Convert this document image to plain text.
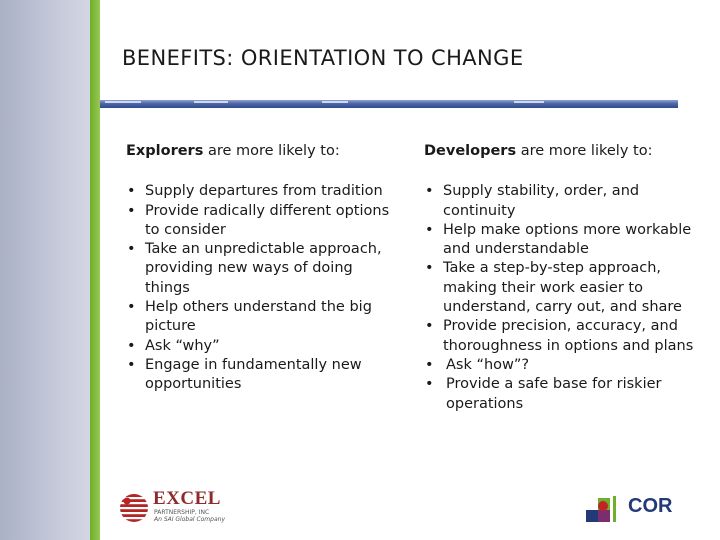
BENEFITS: ORIENTATION TO CHANGE
Explorers are more likely to:
• Supply departures from tradition
• Provide radically different options to consider
• Take an unpredictable approach, providing new ways of doing things
• Help others understand the big picture
• Ask “why”
• Engage in fundamentally new opportunities
Developers are more likely to:
• Supply stability, order, and continuity
• Help make options more workable and understandable
• Take a step-by-step approach, making their work easier to understand, carry out, and share
• Provide precision, accuracy, and thoroughness in options and plans
• Ask “how”?
• Provide a safe base for riskier operations
EXCEL
PARTNERSHIP, INC
An SAI Global Company
COR
